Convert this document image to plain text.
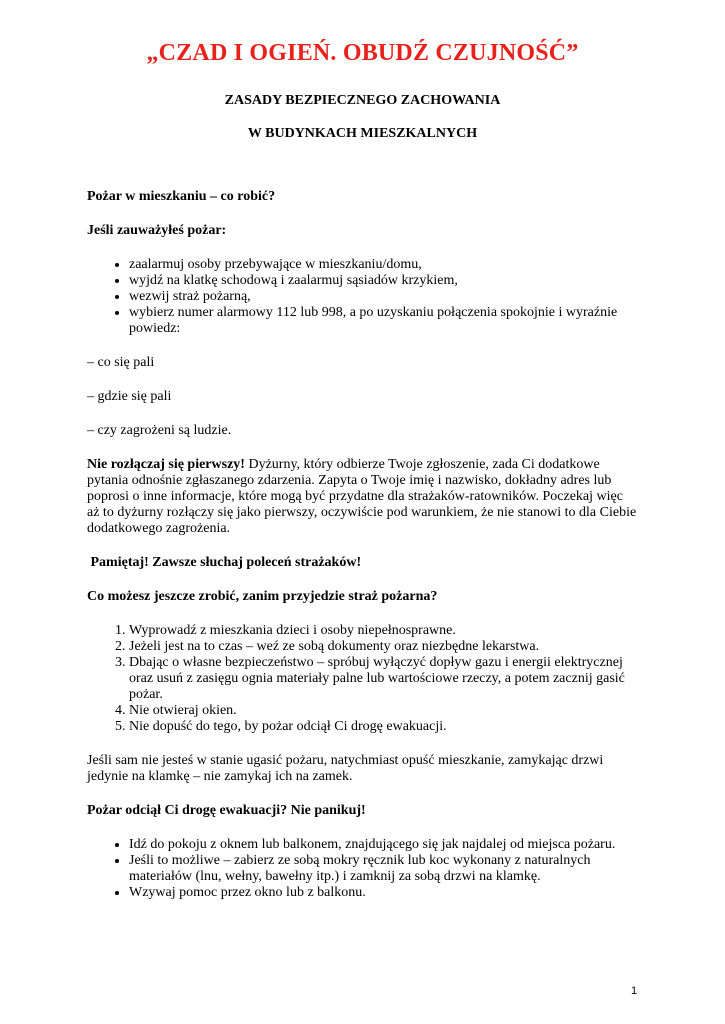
„CZAD I OGIEŃ. OBUDŹ CZUJNOŚĆ”

ZASADY BEZPIECZNEGO ZACHOWANIA

W BUDYNKACH MIESZKALNYCH

Pożar w mieszkaniu – co robić?

Jeśli zauważyłeś pożar:

• zaalarmuj osoby przebywające w mieszkaniu/domu,
• wyjdź na klatkę schodową i zaalarmuj sąsiadów krzykiem,
• wezwij straż pożarną,
• wybierz numer alarmowy 112 lub 998, a po uzyskaniu połączenia spokojnie i wyraźnie powiedz:

– co się pali

– gdzie się pali

– czy zagrożeni są ludzie.

Nie rozłączaj się pierwszy! Dyżurny, który odbierze Twoje zgłoszenie, zada Ci dodatkowe pytania odnośnie zgłaszanego zdarzenia. Zapyta o Twoje imię i nazwisko, dokładny adres lub poprosi o inne informacje, które mogą być przydatne dla strażaków-ratowników. Poczekaj więc aż to dyżurny rozłączy się jako pierwszy, oczywiście pod warunkiem, że nie stanowi to dla Ciebie dodatkowego zagrożenia.

Pamiętaj! Zawsze słuchaj poleceń strażaków!

Co możesz jeszcze zrobić, zanim przyjedzie straż pożarna?

1. Wyprowadź z mieszkania dzieci i osoby niepełnosprawne.
2. Jeżeli jest na to czas – weź ze sobą dokumenty oraz niezbędne lekarstwa.
3. Dbając o własne bezpieczeństwo – spróbuj wyłączyć dopływ gazu i energii elektrycznej oraz usuń z zasięgu ognia materiały palne lub wartościowe rzeczy, a potem zacznij gasić pożar.
4. Nie otwieraj okien.
5. Nie dopuść do tego, by pożar odciął Ci drogę ewakuacji.

Jeśli sam nie jesteś w stanie ugasić pożaru, natychmiast opuść mieszkanie, zamykając drzwi jedynie na klamkę – nie zamykaj ich na zamek.

Pożar odciął Ci drogę ewakuacji? Nie panikuj!

• Idź do pokoju z oknem lub balkonem, znajdującego się jak najdalej od miejsca pożaru.
• Jeśli to możliwe – zabierz ze sobą mokry ręcznik lub koc wykonany z naturalnych materiałów (lnu, wełny, bawełny itp.) i zamknij za sobą drzwi na klamkę.
• Wzywaj pomoc przez okno lub z balkonu.
1
